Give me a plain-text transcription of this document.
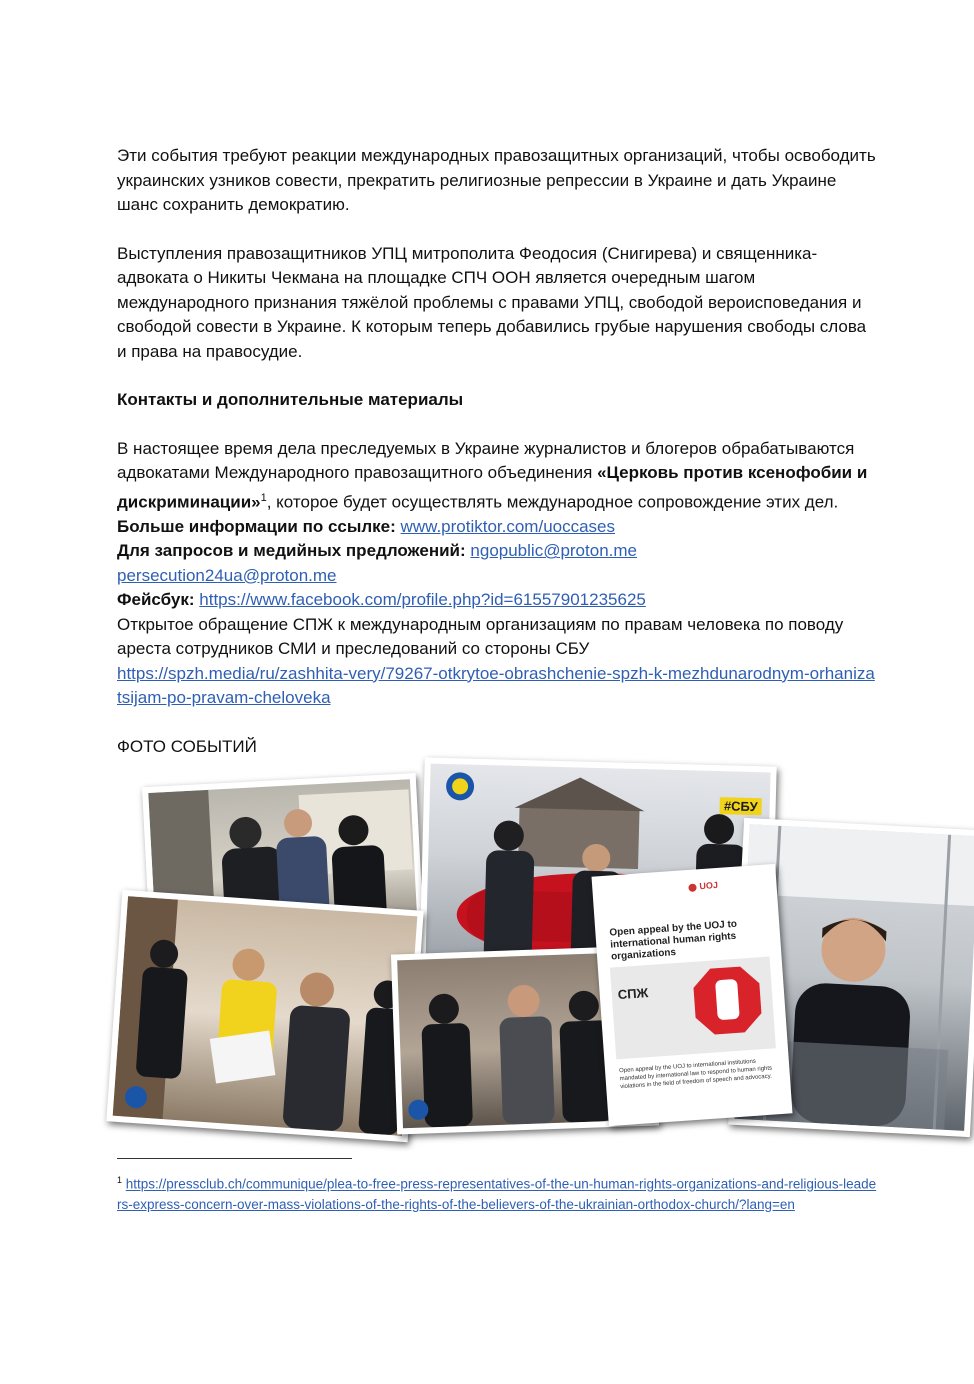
Эти события требуют реакции международных правозащитных организаций, чтобы освободить украинских узников совести, прекратить религиозные репрессии в Украине и дать Украине шанс сохранить демократию.

Выступления правозащитников УПЦ митрополита Феодосия (Снигирева) и священника-адвоката о Никиты Чекмана на площадке СПЧ ООН является очередным шагом международного признания тяжёлой проблемы с правами УПЦ, свободой вероисповедания и свободой совести в Украине. К которым теперь добавились грубые нарушения свободы слова и права на правосудие.

Контакты и дополнительные материалы

В настоящее время дела преследуемых в Украине журналистов и блогеров обрабатываются адвокатами Международного правозащитного объединения «Церковь против ксенофобии и дискриминации»$^1$, которое будет осуществлять международное сопровождение этих дел.

Больше информации по ссылке: www.protiktor.com/uoccases

Для запросов и медийных предложений: ngopublic@proton.me

persecution24ua@proton.me

Фейсбук: https://www.facebook.com/profile.php?id=61557901235625

Открытое обращение СПЖ к международным организациям по правам человека по поводу ареста сотрудников СМИ и преследований со стороны СБУ

https://spzh.media/ru/zashhita-very/79267-otkrytoe-obrashchenie-spzh-k-mezhdunarodnym-orhanizatsijam-po-pravam-cheloveka

ФОТО СОБЫТИЙ

#СБУ
UOJ
Open appeal by the UOJ to international human rights organizations
СПЖ
Open appeal by the UOJ to international institutions mandated by international law to respond to human rights violations in the field of freedom of speech and advocacy.
$^1$ https://pressclub.ch/communique/plea-to-free-press-representatives-of-the-un-human-rights-organizations-and-religious-leaders-express-concern-over-mass-violations-of-the-rights-of-the-believers-of-the-ukrainian-orthodox-church/?lang=en
